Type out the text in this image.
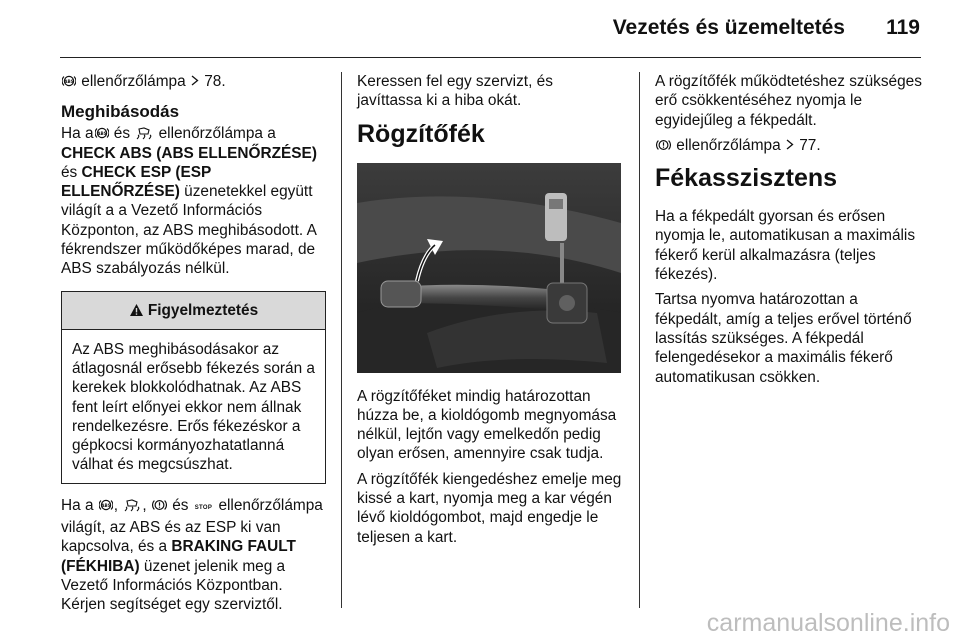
Vezetés és üzemeltetés 119

ABS ellenőrzőlámpa  78.

Meghibásodás

Ha a ABS és
ellenőrzőlámpa a CHECK ABS (ABS ELLENŐRZÉSE) és CHECK ESP (ESP ELLENŐRZÉSE) üzenetekkel együtt világít a a Vezető Információs Központon, az ABS meghibásodott. A fékrendszer működőképes marad, de ABS szabályozás nélkül.

Figyelmeztetés
Az ABS meghibásodásakor az átlagosnál erősebb fékezés során a kerekek blokkolódhatnak. Az ABS fent leírt előnyei ekkor nem állnak rendelkezésre. Erős fékezéskor a gépkocsi kormányozhatatlanná válhat és megcsúszhat.

Ha a ABS ,
,
és STOP ellenőrzőlámpa világít, az ABS és az ESP ki van kapcsolva, és a BRAKING FAULT (FÉKHIBA) üzenet jelenik meg a Vezető Információs Központban. Kérjen segítséget egy szerviztől.

Keressen fel egy szervizt, és javíttassa ki a hiba okát.

Rögzítőfék

A rögzítőféket mindig határozottan húzza be, a kioldógomb megnyomása nélkül, lejtőn vagy emelkedőn pedig olyan erősen, amennyire csak tudja.

A rögzítőfék kiengedéshez emelje meg kissé a kart, nyomja meg a kar végén lévő kioldógombot, majd engedje le teljesen a kart.

A rögzítőfék működtetéshez szükséges erő csökkentéséhez nyomja le egyidejűleg a fékpedált.

ellenőrzőlámpa  77.

Fékasszisztens

Ha a fékpedált gyorsan és erősen nyomja le, automatikusan a maximális fékerő kerül alkalmazásra (teljes fékezés).

Tartsa nyomva határozottan a fékpedált, amíg a teljes erővel történő lassítás szükséges. A fékpedál felengedésekor a maximális fékerő automatikusan csökken.

carmanualsonline.info
